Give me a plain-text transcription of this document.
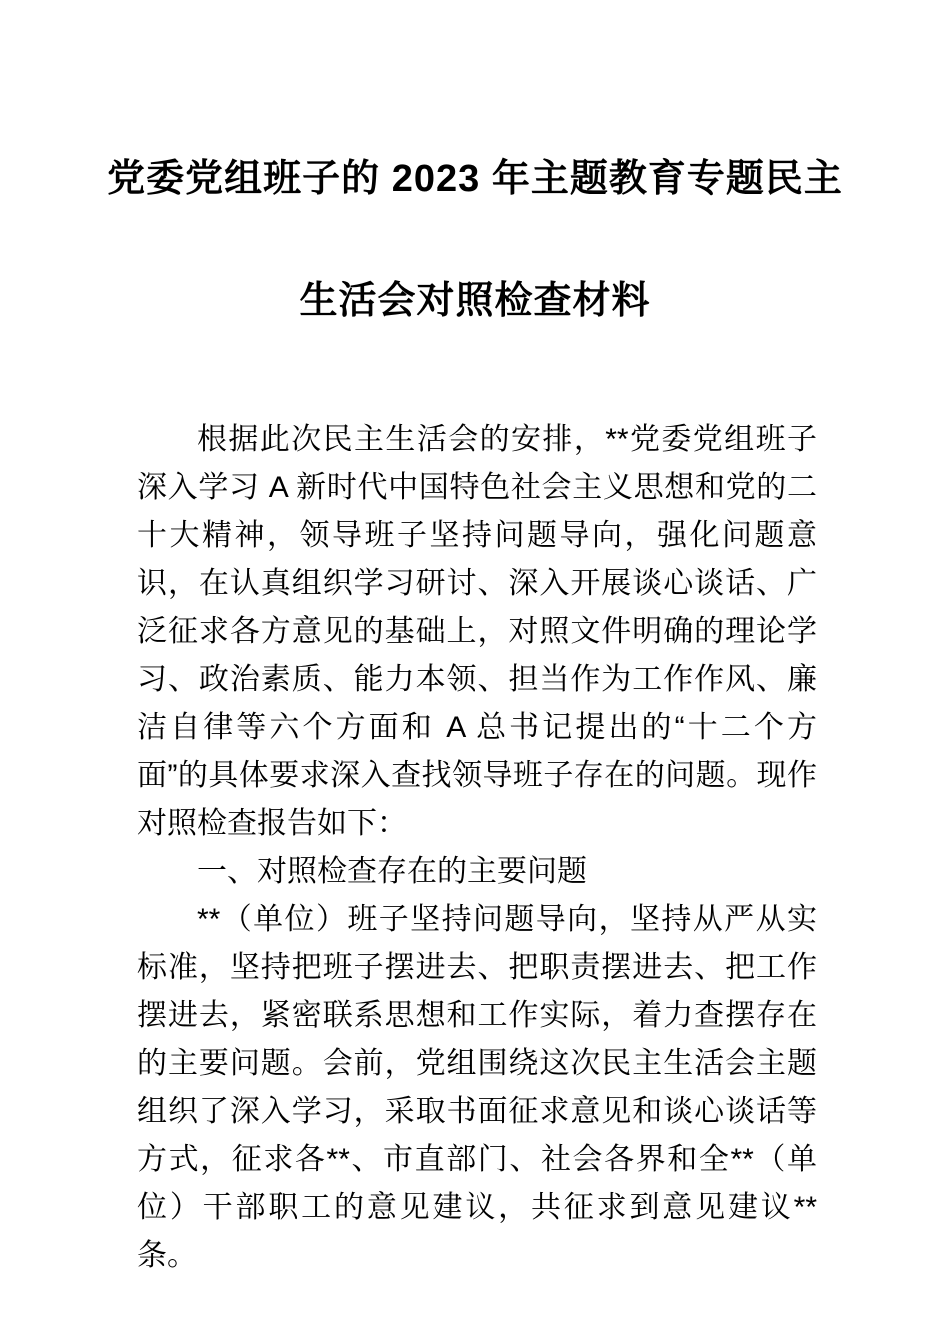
党委党组班子的 2023 年主题教育专题民主
生活会对照检查材料

根据此次民主生活会的安排，**党委党组班子深入学习 A 新时代中国特色社会主义思想和党的二十大精神，领导班子坚持问题导向，强化问题意识，在认真组织学习研讨、深入开展谈心谈话、广泛征求各方意见的基础上，对照文件明确的理论学习、政治素质、能力本领、担当作为工作作风、廉洁自律等六个方面和 A 总书记提出的“十二个方面”的具体要求深入查找领导班子存在的问题。现作对照检查报告如下：

一、对照检查存在的主要问题

**（单位）班子坚持问题导向，坚持从严从实标准，坚持把班子摆进去、把职责摆进去、把工作摆进去，紧密联系思想和工作实际，着力查摆存在的主要问题。会前，党组围绕这次民主生活会主题组织了深入学习，采取书面征求意见和谈心谈话等方式，征求各**、市直部门、社会各界和全**（单位）干部职工的意见建议，共征求到意见建议**条。
